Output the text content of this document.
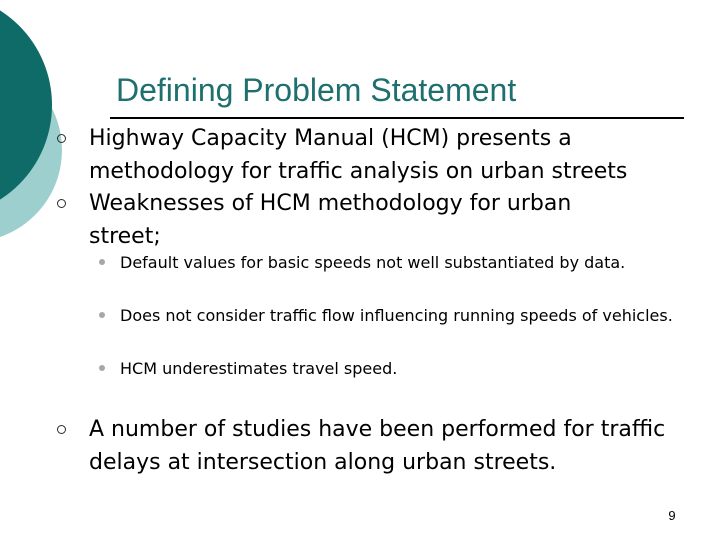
Defining Problem Statement
Highway Capacity Manual (HCM) presents a methodology for traffic analysis on urban streets
Weaknesses of HCM methodology for urban street;
Default values for basic speeds not well substantiated by data.
Does not consider traffic flow influencing running speeds of vehicles.
HCM underestimates travel speed.
A number of studies have been performed for traffic delays at intersection along urban streets.
9
